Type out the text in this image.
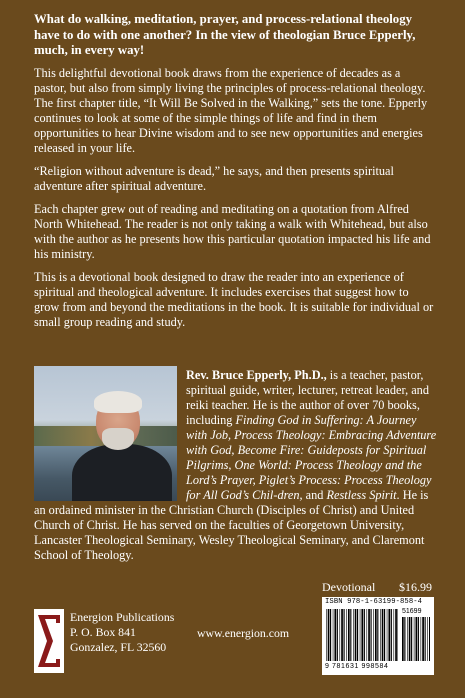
What do walking, meditation, prayer, and process-relational theology have to do with one another? In the view of theologian Bruce Epperly, much, in every way!

This delightful devotional book draws from the experience of decades as a pastor, but also from simply living the principles of process-relational theology. The first chapter title, “It Will Be Solved in the Walking,” sets the tone. Epperly continues to look at some of the simple things of life and find in them opportunities to hear Divine wisdom and to see new opportunities and energies released in your life.

“Religion without adventure is dead,” he says, and then presents spiritual adventure after spiritual adventure.

Each chapter grew out of reading and meditating on a quotation from Alfred North Whitehead. The reader is not only taking a walk with Whitehead, but also with the author as he presents how this particular quotation impacted his life and his ministry.

This is a devotional book designed to draw the reader into an experience of spiritual and theological adventure. It includes exercises that suggest how to grow from and beyond the meditations in the book. It is suitable for individual or small group reading and study.

Rev. Bruce Epperly, Ph.D., is a teacher, pastor, spiritual guide, writer, lecturer, retreat leader, and reiki teacher. He is the author of over 70 books, including Finding God in Suffering: A Journey with Job, Process Theology: Embracing Adventure with God, Become Fire: Guideposts for Spiritual Pilgrims, One World: Process Theology and the Lord’s Prayer, Piglet’s Process: Process Theology for All God’s Chil-dren, and Restless Spirit. He is an ordained minister in the Christian Church (Disciples of Christ) and United Church of Christ. He has served on the faculties of Georgetown University, Lancaster Theological Seminary, Wesley Theological Seminary, and Claremont School of Theology.

Devotional $16.99
ISBN 978-1-63199-858-4
51699
9 781631 998584
Energion Publications
P. O. Box 841
Gonzalez, FL 32560
www.energion.com
